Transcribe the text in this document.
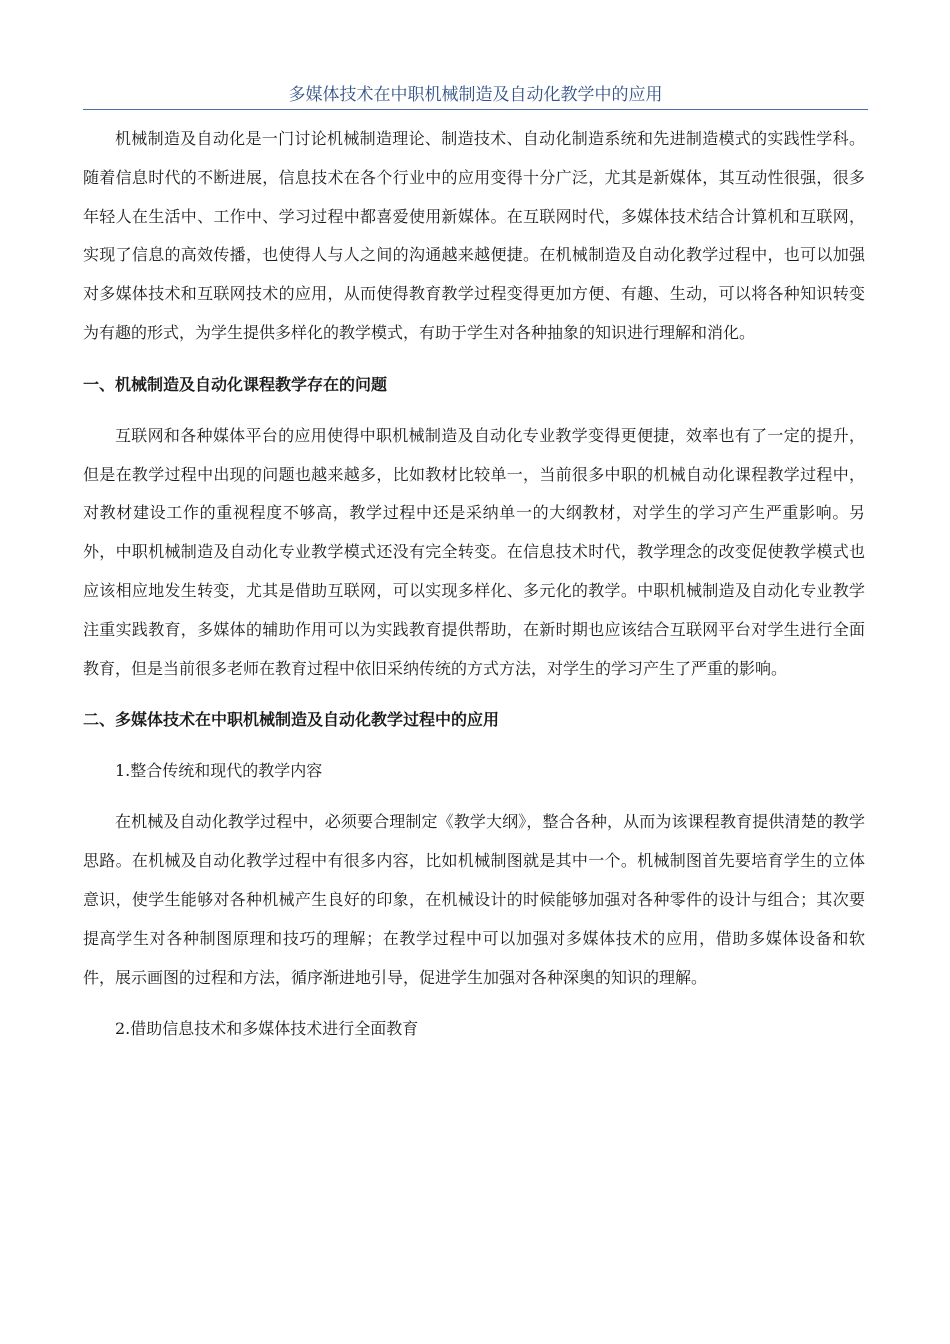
多媒体技术在中职机械制造及自动化教学中的应用

机械制造及自动化是一门讨论机械制造理论、制造技术、自动化制造系统和先进制造模式的实践性学科。随着信息时代的不断进展，信息技术在各个行业中的应用变得十分广泛，尤其是新媒体，其互动性很强，很多年轻人在生活中、工作中、学习过程中都喜爱使用新媒体。在互联网时代，多媒体技术结合计算机和互联网，实现了信息的高效传播，也使得人与人之间的沟通越来越便捷。在机械制造及自动化教学过程中，也可以加强对多媒体技术和互联网技术的应用，从而使得教育教学过程变得更加方便、有趣、生动，可以将各种知识转变为有趣的形式，为学生提供多样化的教学模式，有助于学生对各种抽象的知识进行理解和消化。

一、机械制造及自动化课程教学存在的问题

互联网和各种媒体平台的应用使得中职机械制造及自动化专业教学变得更便捷，效率也有了一定的提升，但是在教学过程中出现的问题也越来越多，比如教材比较单一，当前很多中职的机械自动化课程教学过程中，对教材建设工作的重视程度不够高，教学过程中还是采纳单一的大纲教材，对学生的学习产生严重影响。另外，中职机械制造及自动化专业教学模式还没有完全转变。在信息技术时代，教学理念的改变促使教学模式也应该相应地发生转变，尤其是借助互联网，可以实现多样化、多元化的教学。中职机械制造及自动化专业教学注重实践教育，多媒体的辅助作用可以为实践教育提供帮助，在新时期也应该结合互联网平台对学生进行全面教育，但是当前很多老师在教育过程中依旧采纳传统的方式方法，对学生的学习产生了严重的影响。

二、多媒体技术在中职机械制造及自动化教学过程中的应用

1.整合传统和现代的教学内容

在机械及自动化教学过程中，必须要合理制定《教学大纲》，整合各种，从而为该课程教育提供清楚的教学思路。在机械及自动化教学过程中有很多内容，比如机械制图就是其中一个。机械制图首先要培育学生的立体意识，使学生能够对各种机械产生良好的印象，在机械设计的时候能够加强对各种零件的设计与组合；其次要提高学生对各种制图原理和技巧的理解；在教学过程中可以加强对多媒体技术的应用，借助多媒体设备和软件，展示画图的过程和方法，循序渐进地引导，促进学生加强对各种深奥的知识的理解。

2.借助信息技术和多媒体技术进行全面教育
